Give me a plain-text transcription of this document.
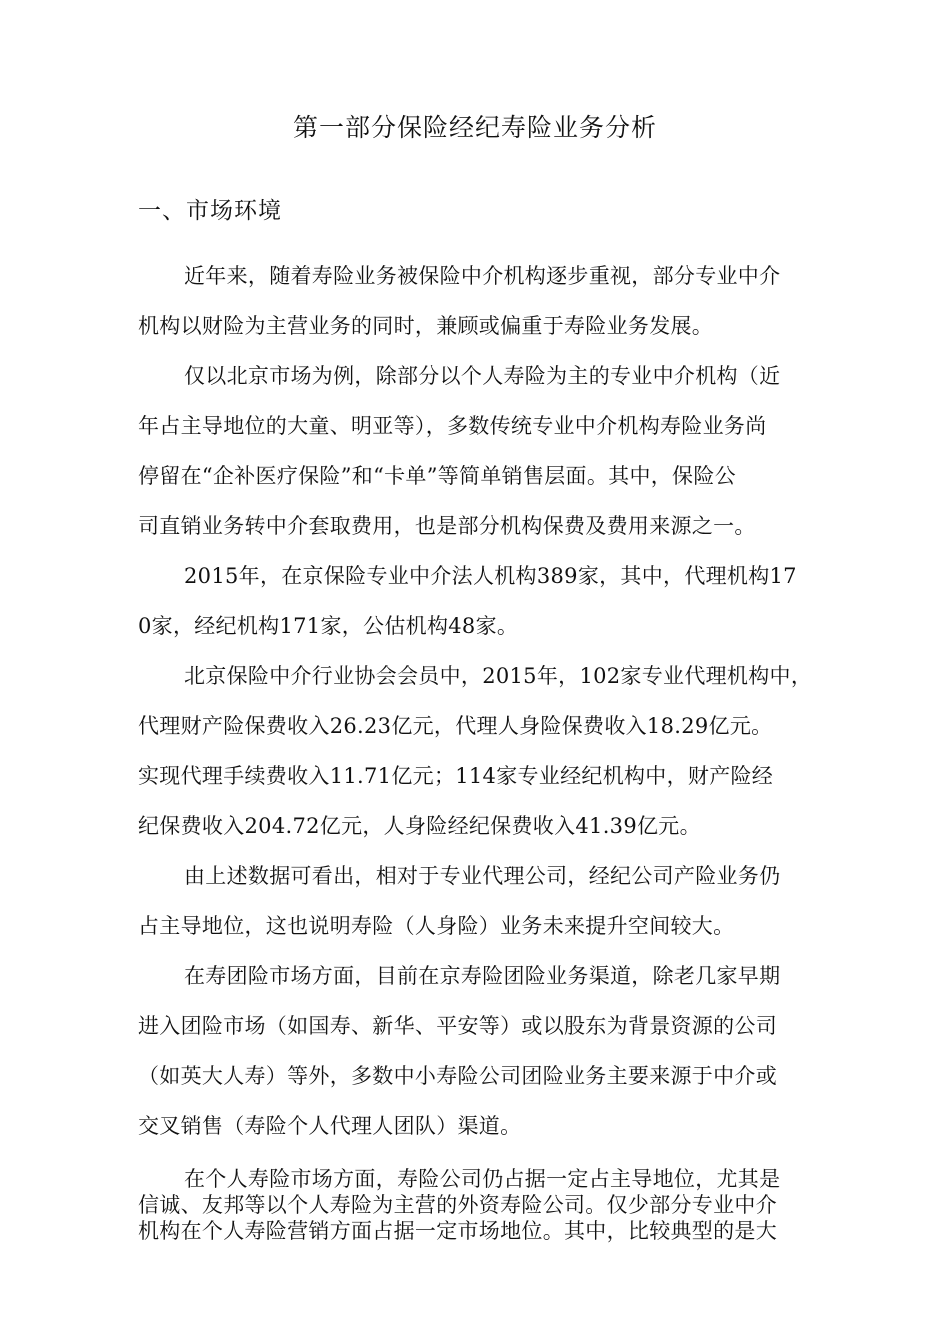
第一部分保险经纪寿险业务分析
一、市场环境
近年来，随着寿险业务被保险中介机构逐步重视，部分专业中介
机构以财险为主营业务的同时，兼顾或偏重于寿险业务发展。
仅以北京市场为例，除部分以个人寿险为主的专业中介机构（近
年占主导地位的大童、明亚等），多数传统专业中介机构寿险业务尚
停留在“企补医疗保险”和“卡单”等简单销售层面。其中，保险公
司直销业务转中介套取费用，也是部分机构保费及费用来源之一。
2015年，在京保险专业中介法人机构389家，其中，代理机构17
0家，经纪机构171家，公估机构48家。
北京保险中介行业协会会员中，2015年，102家专业代理机构中，
代理财产险保费收入26.23亿元，代理人身险保费收入18.29亿元。
实现代理手续费收入11.71亿元；114家专业经纪机构中，财产险经
纪保费收入204.72亿元，人身险经纪保费收入41.39亿元。
由上述数据可看出，相对于专业代理公司，经纪公司产险业务仍
占主导地位，这也说明寿险（人身险）业务未来提升空间较大。
在寿团险市场方面，目前在京寿险团险业务渠道，除老几家早期
进入团险市场（如国寿、新华、平安等）或以股东为背景资源的公司
（如英大人寿）等外，多数中小寿险公司团险业务主要来源于中介或
交叉销售（寿险个人代理人团队）渠道。
在个人寿险市场方面，寿险公司仍占据一定占主导地位，尤其是
信诚、友邦等以个人寿险为主营的外资寿险公司。仅少部分专业中介
机构在个人寿险营销方面占据一定市场地位。其中，比较典型的是大
